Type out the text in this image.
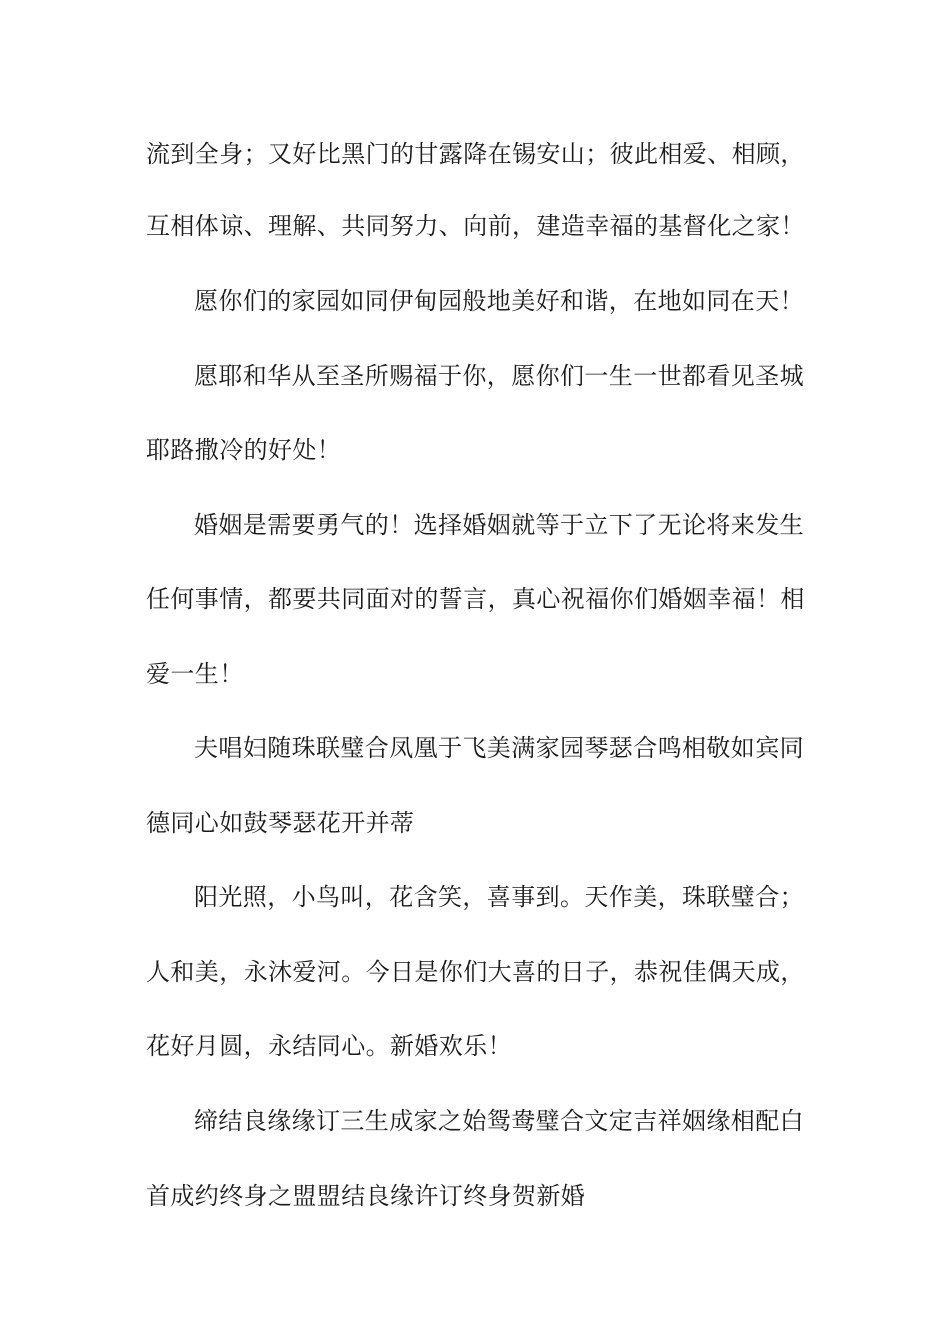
流到全身；又好比黑门的甘露降在锡安山；彼此相爱、相顾，
互相体谅、理解、共同努力、向前，建造幸福的基督化之家！
愿你们的家园如同伊甸园般地美好和谐，在地如同在天！
愿耶和华从至圣所赐福于你，愿你们一生一世都看见圣城
耶路撒冷的好处！
婚姻是需要勇气的！选择婚姻就等于立下了无论将来发生
任何事情，都要共同面对的誓言，真心祝福你们婚姻幸福！相
爱一生！
夫唱妇随珠联璧合凤凰于飞美满家园琴瑟合鸣相敬如宾同
德同心如鼓琴瑟花开并蒂
阳光照，小鸟叫，花含笑，喜事到。天作美，珠联璧合；
人和美，永沐爱河。今日是你们大喜的日子，恭祝佳偶天成，
花好月圆，永结同心。新婚欢乐！
缔结良缘缘订三生成家之始鸳鸯璧合文定吉祥姻缘相配白
首成约终身之盟盟结良缘许订终身贺新婚
